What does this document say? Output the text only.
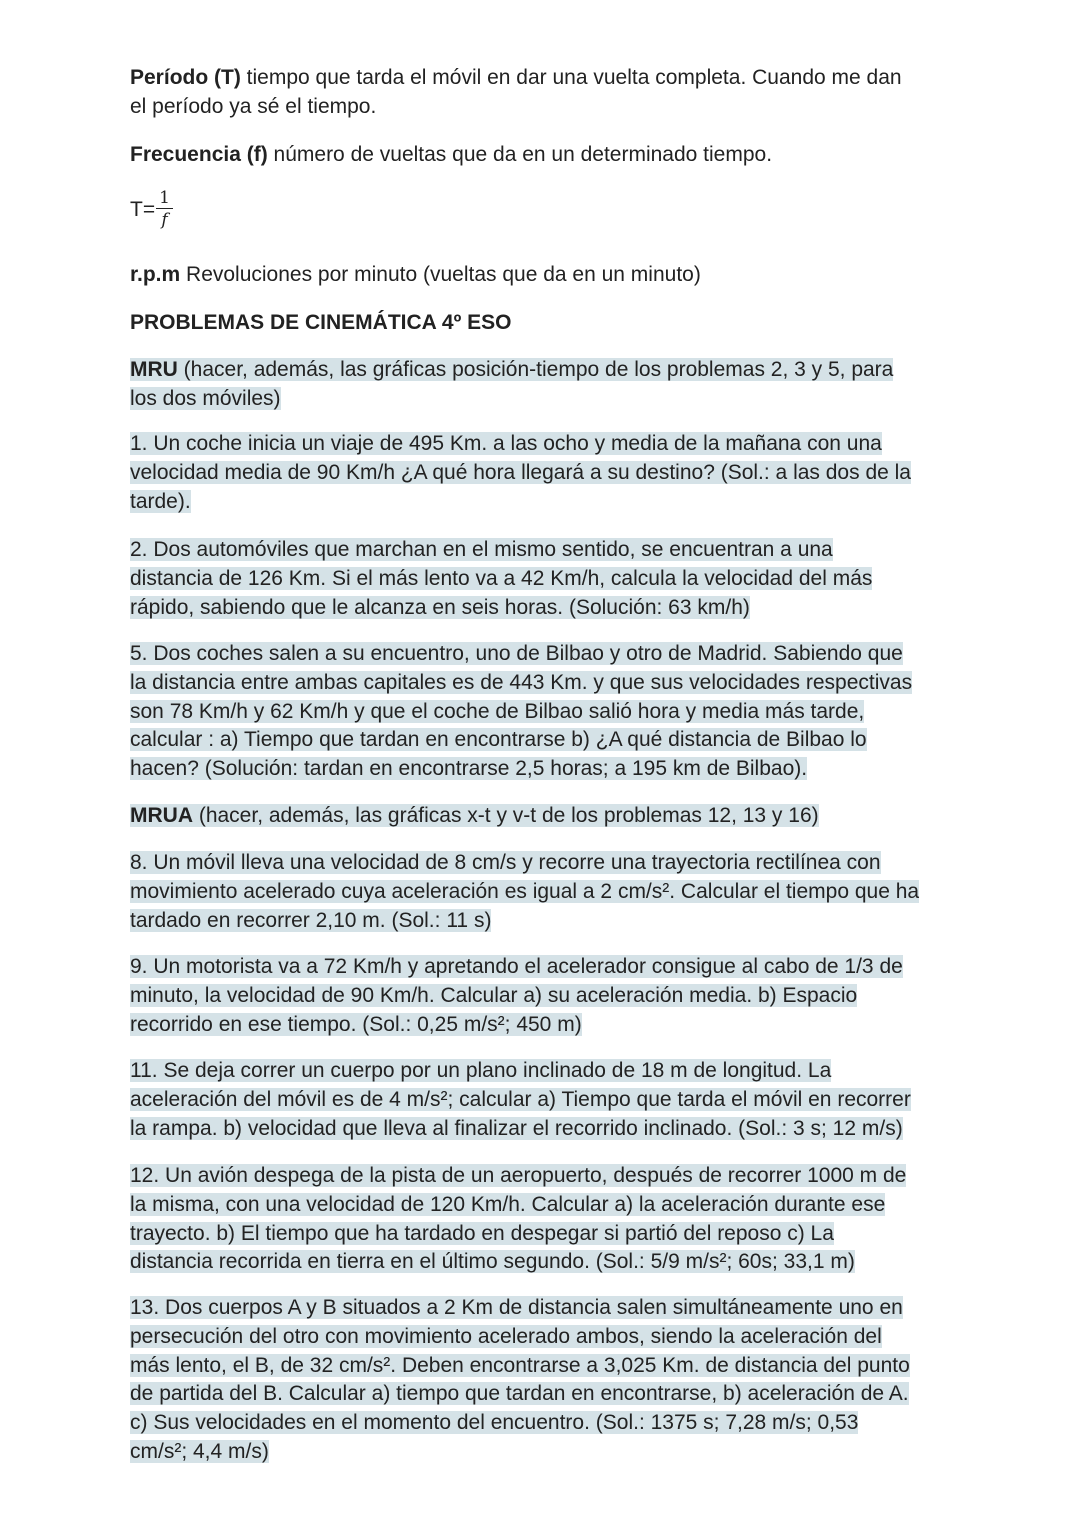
$T= \frac{1}{f}$
Período (T) tiempo que tarda el móvil en dar una vuelta completa. Cuando me dan
el período ya sé el tiempo.
Frecuencia (f) número de vueltas que da en un determinado tiempo.
r.p.m Revoluciones por minuto (vueltas que da en un minuto)
PROBLEMAS DE CINEMÁTICA 4º ESO
MRU (hacer, además, las gráficas posición-tiempo de los problemas 2, 3 y 5, para
los dos móviles)
1. Un coche inicia un viaje de 495 Km. a las ocho y media de la mañana con una
velocidad media de 90 Km/h ¿A qué hora llegará a su destino? (Sol.: a las dos de la
tarde).
2. Dos automóviles que marchan en el mismo sentido, se encuentran a una
distancia de 126 Km. Si el más lento va a 42 Km/h, calcula la velocidad del más
rápido, sabiendo que le alcanza en seis horas. (Solución: 63 km/h)
5. Dos coches salen a su encuentro, uno de Bilbao y otro de Madrid. Sabiendo que
la distancia entre ambas capitales es de 443 Km. y que sus velocidades respectivas
son 78 Km/h y 62 Km/h y que el coche de Bilbao salió hora y media más tarde,
calcular : a) Tiempo que tardan en encontrarse b) ¿A qué distancia de Bilbao lo
hacen? (Solución: tardan en encontrarse 2,5 horas; a 195 km de Bilbao).
MRUA (hacer, además, las gráficas x-t y v-t de los problemas 12, 13 y 16)
8. Un móvil lleva una velocidad de 8 cm/s y recorre una trayectoria rectilínea con
movimiento acelerado cuya aceleración es igual a 2 cm/s². Calcular el tiempo que ha
tardado en recorrer 2,10 m. (Sol.: 11 s)
9. Un motorista va a 72 Km/h y apretando el acelerador consigue al cabo de 1/3 de
minuto, la velocidad de 90 Km/h. Calcular a) su aceleración media. b) Espacio
recorrido en ese tiempo. (Sol.: 0,25 m/s²; 450 m)
11. Se deja correr un cuerpo por un plano inclinado de 18 m de longitud. La
aceleración del móvil es de 4 m/s²; calcular a) Tiempo que tarda el móvil en recorrer
la rampa. b) velocidad que lleva al finalizar el recorrido inclinado. (Sol.: 3 s; 12 m/s)
12. Un avión despega de la pista de un aeropuerto, después de recorrer 1000 m de
la misma, con una velocidad de 120 Km/h. Calcular a) la aceleración durante ese
trayecto. b) El tiempo que ha tardado en despegar si partió del reposo c) La
distancia recorrida en tierra en el último segundo. (Sol.: 5/9 m/s²; 60s; 33,1 m)
13. Dos cuerpos A y B situados a 2 Km de distancia salen simultáneamente uno en
persecución del otro con movimiento acelerado ambos, siendo la aceleración del
más lento, el B, de 32 cm/s². Deben encontrarse a 3,025 Km. de distancia del punto
de partida del B. Calcular a) tiempo que tardan en encontrarse, b) aceleración de A.
c) Sus velocidades en el momento del encuentro. (Sol.: 1375 s; 7,28 m/s; 0,53
cm/s²; 4,4 m/s)
